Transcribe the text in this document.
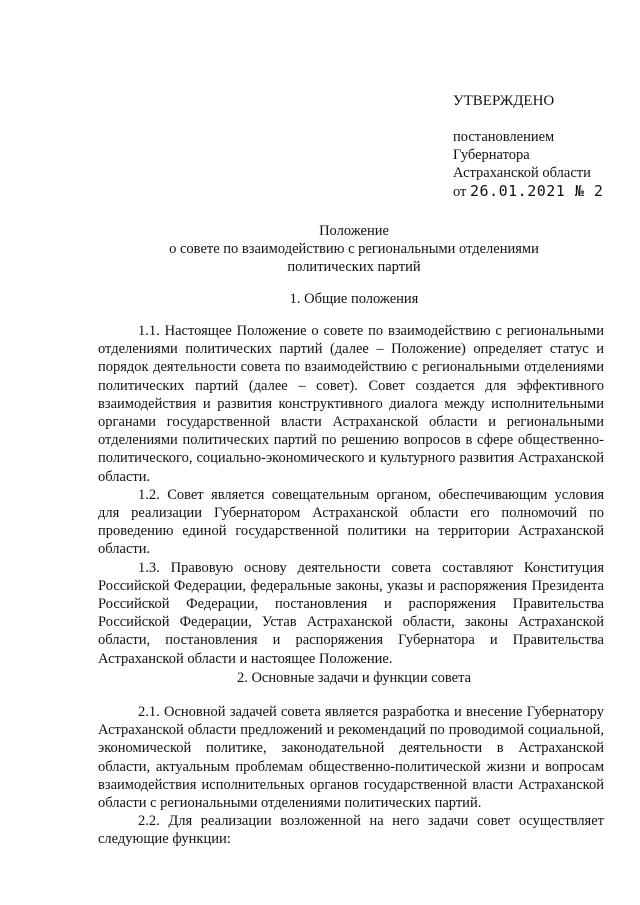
УТВЕРЖДЕНО
постановлением
Губернатора
Астраханской области
от 26.01.2021 № 2
Положение
о совете по взаимодействию с региональными отделениями
политических партий
1. Общие положения

1.1. Настоящее Положение о совете по взаимодействию с региональными отделениями политических партий (далее – Положение) определяет статус и порядок деятельности совета по взаимодействию с региональными отделениями политических партий (далее – совет). Совет создается для эффективного взаимодействия и развития конструктивного диалога между исполнительными органами государственной власти Астраханской области и региональными отделениями политических партий по решению вопросов в сфере общественно-политического, социально-экономического и культурного развития Астраханской области.

1.2. Совет является совещательным органом, обеспечивающим условия для реализации Губернатором Астраханской области его полномочий по проведению единой государственной политики на территории Астраханской области.

1.3. Правовую основу деятельности совета составляют Конституция Российской Федерации, федеральные законы, указы и распоряжения Президента Российской Федерации, постановления и распоряжения Правительства Российской Федерации, Устав Астраханской области, законы Астраханской области, постановления и распоряжения Губернатора и Правительства Астраханской области и настоящее Положение.

2. Основные задачи и функции совета

2.1. Основной задачей совета является разработка и внесение Губернатору Астраханской области предложений и рекомендаций по проводимой социальной, экономической политике, законодательной деятельности в Астраханской области, актуальным проблемам общественно-политической жизни и вопросам взаимодействия исполнительных органов государственной власти Астраханской области с региональными отделениями политических партий.

2.2. Для реализации возложенной на него задачи совет осуществляет следующие функции:
